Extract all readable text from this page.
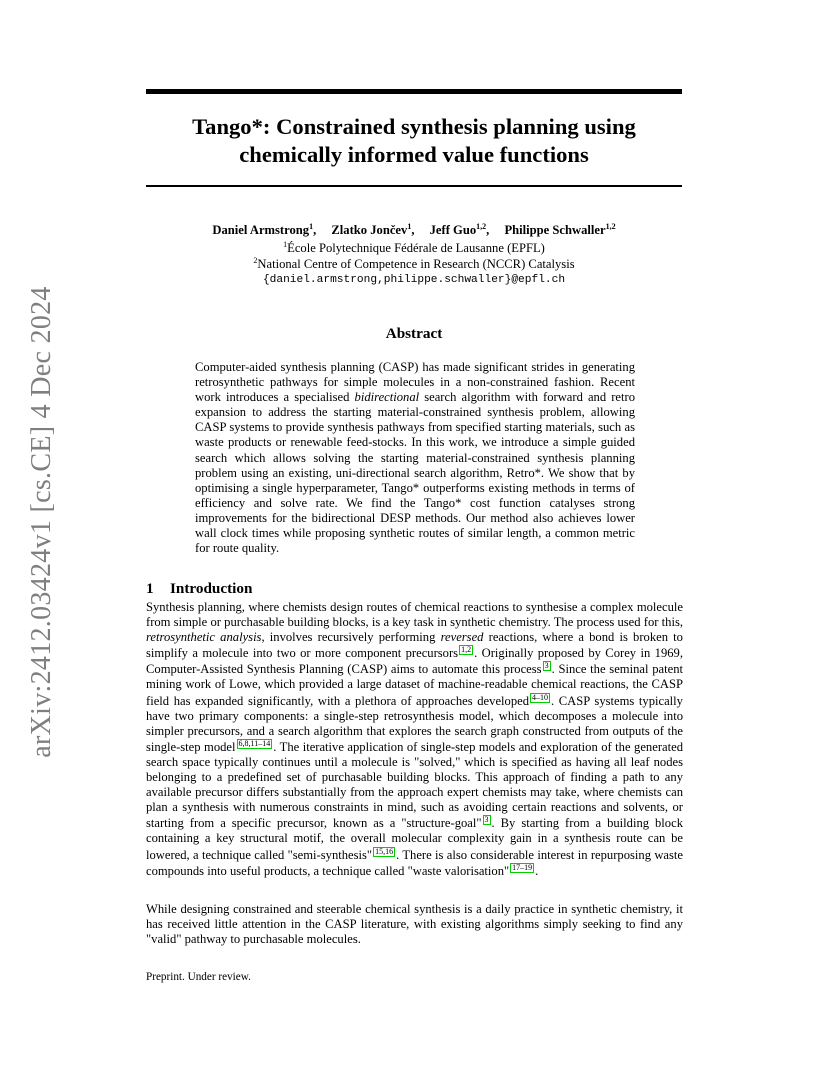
arXiv:2412.03424v1 [cs.CE] 4 Dec 2024
Tango*: Constrained synthesis planning using
chemically informed value functions
Daniel Armstrong$^1$, Zlatko Jončev$^1$, Jeff Guo$^{1,2}$, Philippe Schwaller$^{1,2}$
$^1$École Polytechnique Fédérale de Lausanne (EPFL)
$^2$National Centre of Competence in Research (NCCR) Catalysis
{daniel.armstrong,philippe.schwaller}@epfl.ch
Abstract
Computer-aided synthesis planning (CASP) has made significant strides in generating retrosynthetic pathways for simple molecules in a non-constrained fashion. Recent work introduces a specialised bidirectional search algorithm with forward and retro expansion to address the starting material-constrained synthesis problem, allowing CASP systems to provide synthesis pathways from specified starting materials, such as waste products or renewable feed-stocks. In this work, we introduce a simple guided search which allows solving the starting material-constrained synthesis planning problem using an existing, uni-directional search algorithm, Retro*. We show that by optimising a single hyperparameter, Tango* outperforms existing methods in terms of efficiency and solve rate. We find the Tango* cost function catalyses strong improvements for the bidirectional DESP methods. Our method also achieves lower wall clock times while proposing synthetic routes of similar length, a common metric for route quality.
1 Introduction
Synthesis planning, where chemists design routes of chemical reactions to synthesise a complex molecule from simple or purchasable building blocks, is a key task in synthetic chemistry. The process used for this, retrosynthetic analysis, involves recursively performing reversed reactions, where a bond is broken to simplify a molecule into two or more component precursors 1,2 . Originally proposed by Corey in 1969, Computer-Assisted Synthesis Planning (CASP) aims to automate this process 3 . Since the seminal patent mining work of Lowe, which provided a large dataset of machine-readable chemical reactions, the CASP field has expanded significantly, with a plethora of approaches developed 4–10 . CASP systems typically have two primary components: a single-step retrosynthesis model, which decomposes a molecule into simpler precursors, and a search algorithm that explores the search graph constructed from outputs of the single-step model 6,8,11–14 . The iterative application of single-step models and exploration of the generated search space typically continues until a molecule is "solved," which is specified as having all leaf nodes belonging to a predefined set of purchasable building blocks. This approach of finding a path to any available precursor differs substantially from the approach expert chemists may take, where chemists can plan a synthesis with numerous constraints in mind, such as avoiding certain reactions and solvents, or starting from a specific precursor, known as a "structure-goal" 3 . By starting from a building block containing a key structural motif, the overall molecular complexity gain in a synthesis route can be lowered, a technique called "semi-synthesis" 15,16 . There is also considerable interest in repurposing waste compounds into useful products, a technique called "waste valorisation" 17–19 .
While designing constrained and steerable chemical synthesis is a daily practice in synthetic chemistry, it has received little attention in the CASP literature, with existing algorithms simply seeking to find any "valid" pathway to purchasable molecules.
Preprint. Under review.
